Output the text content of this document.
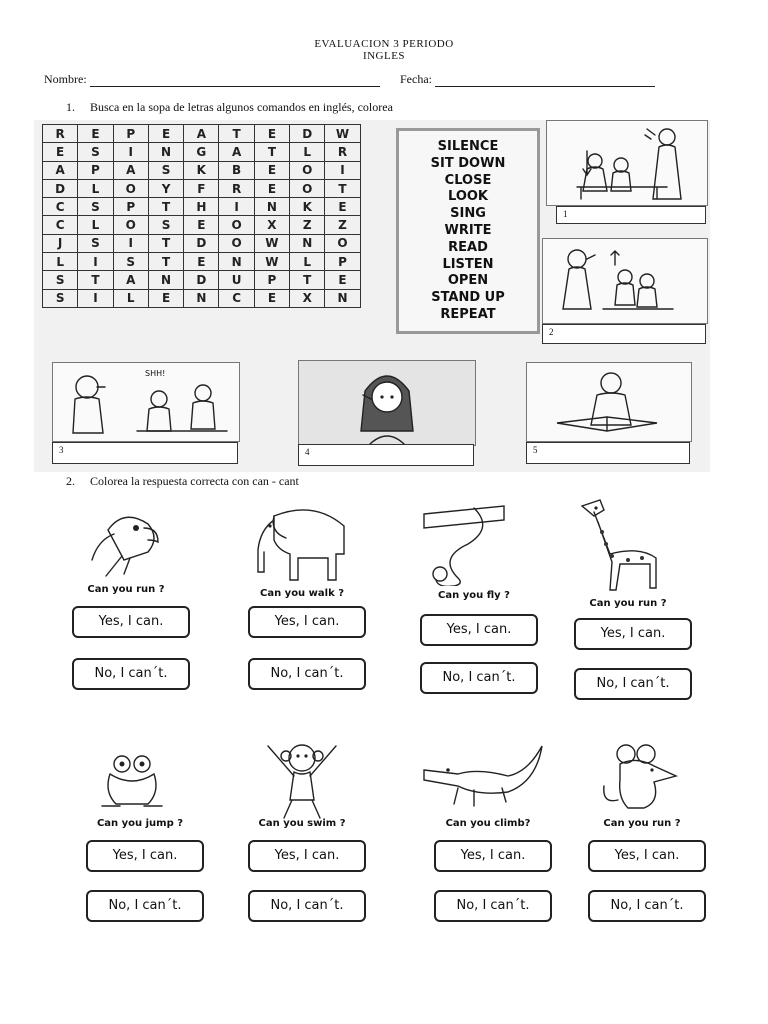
EVALUACION 3 PERIODO
INGLES
Nombre:	Fecha:
1. Busca en la sopa de letras algunos comandos en inglés, colorea
R	E	P	E	A	T	E	D	W
E	S	I	N	G	A	T	L	R
A	P	A	S	K	B	E	O	I
D	L	O	Y	F	R	E	O	T
C	S	P	T	H	I	N	K	E
C	L	O	S	E	O	X	Z	Z
J	S	I	T	D	O	W	N	O
L	I	S	T	E	N	W	L	P
S	T	A	N	D	U	P	T	E
S	I	L	E	N	C	E	X	N
SILENCE
SIT DOWN
CLOSE
LOOK
SING
WRITE
READ
LISTEN
OPEN
STAND UP
REPEAT
1
2
SHH!
3	4	5
2. Colorea la respuesta correcta con can - cant
Can you run ?
Yes, I can.
No, I can´t.
Can you walk ?
Yes, I can.
No, I can´t.
Can you fly ?
Yes, I can.
No, I can´t.
Can you run ?
Yes, I can.
No, I can´t.
Can you jump ?
Yes, I can.
No, I can´t.
Can you swim ?
Yes, I can.
No, I can´t.
Can you climb?
Yes, I can.
No, I can´t.
Can you run ?
Yes, I can.
No, I can´t.
